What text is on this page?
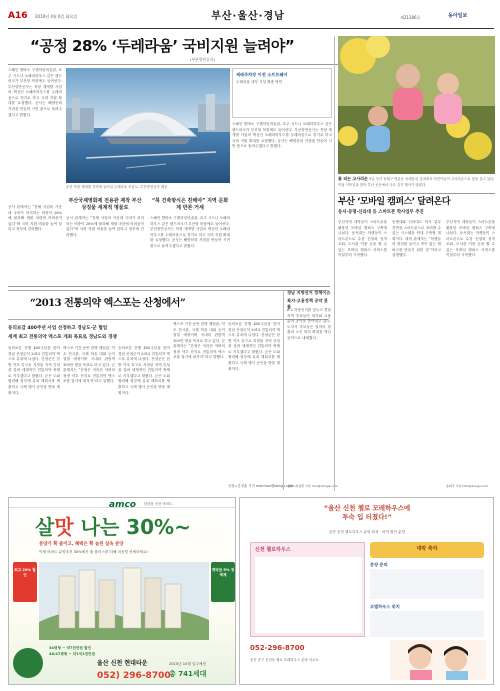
A16 2010년 4월 6일 화요일	부산·울산·경남	제21286호	동아일보
“공정 28% ‘두레라움’ 국비지원 늘려야”
(부산항만공사)
스페인 발바오 구겐하임미술관, 호주 시드니 오페라하우스 같은 랜드마크가 부산항 북항에도 들어선다. 부산항만공사는 북항 재개발 사업의 핵심인 오페라하우스를 두레라움으로 짓기로 하고 국비 지원 확대를 요청했다. 공사는 해양문화 거점을 만들어 시민 품으로 돌려주겠다고 밝혔다.
공사 관계자는 “전체 사업비 가운데 국비가 차지하는 비중이 28%에 불과해 재원 마련에 어려움이 있다”며 국비 지원 비율을 높여 달라고 정부에 건의했다.
부산 북항 재개발 지역에 들어설 두레라움 조감도. 부산항만공사 제공
재래주차장 이전 소프트웨어
두레라움 내부 시설 확충 방안
스페인 발바오 구겐하임미술관, 호주 시드니 오페라하우스 같은 랜드마크가 부산항 북항에도 들어선다. 부산항만공사는 북항 재개발 사업의 핵심인 오페라하우스를 두레라움으로 짓기로 하고 국비 지원 확대를 요청했다. 공사는 해양문화 거점을 만들어 시민 품으로 돌려주겠다고 밝혔다.
부산국제영화제 전용관 제작 부산 상징물 세계적 명물로
“북 건축방식은 친해야” 지역 문화계 반론 거세
공사 관계자는 “전체 사업비 가운데 국비가 차지하는 비중이 28%에 불과해 재원 마련에 어려움이 있다”며 국비 지원 비율을 높여 달라고 정부에 건의했다.
스페인 발바오 구겐하임미술관, 호주 시드니 오페라하우스 같은 랜드마크가 부산항 북항에도 들어선다. 부산항만공사는 북항 재개발 사업의 핵심인 오페라하우스를 두레라움으로 짓기로 하고 국비 지원 확대를 요청했다. 공사는 해양문화 거점을 만들어 시민 품으로 돌려주겠다고 밝혔다.
“2013 전통의약 엑스포는 산청에서”
동의보감 400주년 사업 선정하고 경남도·군 협업
세계 최고 전통의약 엑스포 개최 목표로 경남도와 경쟁
동의보감 간행 400주년을 맞아 경남 산청군이 2013 전통의약 엑스포 유치에 나섰다. 산청군은 한방 약초 특구로 지정된 지역 특성을 살려 세계적인 전통의약 축제로 키우겠다고 밝혔다. 군은 도와 협력해 정부에 유치 계획서를 제출하고 국제 행사 승인을 받을 계획이다.
엑스포 기간 동안 한방 체험관, 약초 전시관, 국제 학술 대회 등이 열릴 예정이며 국내외 관람객 100만 명을 목표로 하고 있다. 군 관계자는 “산청은 지리산 자락의 청정 약초 산지로 전통의약 엑스포를 열기에 최적지”라고 말했다.
동의보감 간행 400주년을 맞아 경남 산청군이 2013 전통의약 엑스포 유치에 나섰다. 산청군은 한방 약초 특구로 지정된 지역 특성을 살려 세계적인 전통의약 축제로 키우겠다고 밝혔다. 군은 도와 협력해 정부에 유치 계획서를 제출하고 국제 행사 승인을 받을 계획이다.
엑스포 기간 동안 한방 체험관, 약초 전시관, 국제 학술 대회 등이 열릴 예정이며 국내외 관람객 100만 명을 목표로 하고 있다. 군 관계자는 “산청은 지리산 자락의 청정 약초 산지로 전통의약 엑스포를 열기에 최적지”라고 말했다.
동의보감 간행 400주년을 맞아 경남 산청군이 2013 전통의약 엑스포 유치에 나섰다. 산청군은 한방 약초 특구로 지정된 지역 특성을 살려 세계적인 전통의약 축제로 키우겠다고 밝혔다. 군은 도와 협력해 정부에 유치 계획서를 제출하고 국제 행사 승인을 받을 계획이다.
산청=강정훈 기자 manman@donga.com
경남 지방선거 정책이슈
복지·고용정책 공약 봇물
6·2 지방선거를 앞두고 경남 지역 후보들이 복지와 고용 분야 공약을 쏟아내고 있다. 도지사 후보들은 일자리 창출과 노인 복지 확대를 핵심 공약으로 내세웠다.
창원=최창환 기자 choi@donga.com
꽃 피는 고사리손 5일 부산 동래구 명륜동 동래읍성 일대에서 어린이들이 고사리손으로 꽃을 심고 있다. 이날 식목일을 맞아 부산 곳곳에서 나무 심기 행사가 열렸다.
부산 ‘모바일 캠퍼스’ 달려온다
동서·동명·신라대 등 스마트폰 학사업무 추진
부산지역 대학들이 스마트폰을 활용한 모바일 캠퍼스 구축에 나섰다. 동서대는 학생들이 스마트폰으로 수강 신청과 성적 조회, 도서관 이용 등을 할 수 있는 모바일 캠퍼스 서비스를 이달부터 시작했다.
동명대와 신라대도 학사 업무 전반을 스마트폰으로 처리할 수 있는 시스템을 연내 구축할 계획이다. 대학 관계자는 “학생들의 편의를 높이고 종이 없는 캠퍼스를 만들기 위한 것”이라고 설명했다.
부산지역 대학들이 스마트폰을 활용한 모바일 캠퍼스 구축에 나섰다. 동서대는 학생들이 스마트폰으로 수강 신청과 성적 조회, 도서관 이용 등을 할 수 있는 모바일 캠퍼스 서비스를 이달부터 시작했다.
윤희각 기자 toto@donga.com
amco 한라삼 신천 아파트
살맛 나는 30%~
분양가 확 줄이고, 혜택은 확 늘린 실속 분양
이제 아파트 분양조건 30%에서 줄 플러스를 더해 마음껏 선택하세요!
최고 20% 할인
계약금 5% 정액제
34평형 ~ 약7천만원 할인
48/47평형 ~ 약1억1천만원
울산 신천 현대타운
052) 296-8700
2010년 10월 입주예정
총 741세대
“울산 신천 첼로 모레하우스에
투숙 입 터졌다!”
울산 신천 첼로하우스 분양 확정 · 파격 할인 분양
신천 첼로하우스	대박 축하
분양 문의
모델하우스 위치
052-296-8700
울산 중구 신천동 첼로 모레하우스 분양 사무소
